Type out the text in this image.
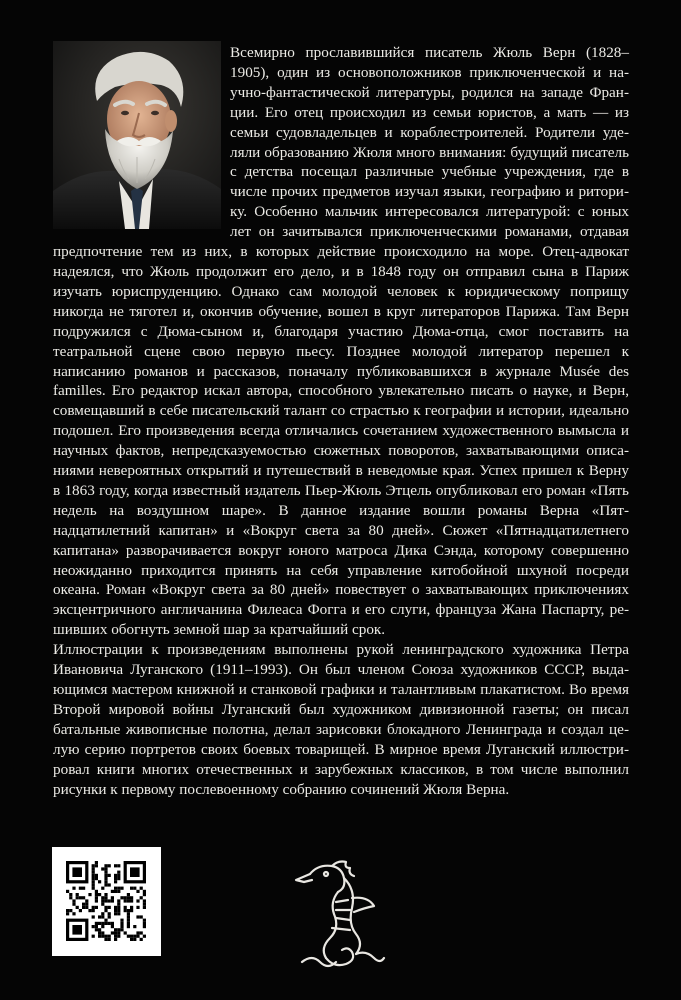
Всемирно прославившийся писатель Жюль Верн (1828–1905), один из основоположников приключенческой и научно-фантастической литературы, родился на западе Франции. Его отец происходил из семьи юристов, а мать — из семьи судовладельцев и кораблестроителей. Родители уделяли образованию Жюля много внимания: будущий писатель с детства посещал различные учебные учреждения, где в числе прочих предметов изучал языки, географию и риторику. Особенно мальчик интересовался литературой: с юных лет он зачитывался приключенческими романами, отдавая предпочтение тем из них, в которых действие происходило на море. Отец-адвокат надеялся, что Жюль продолжит его дело, и в 1848 году он отправил сына в Париж изучать юриспруденцию. Однако сам молодой человек к юридическому поприщу никогда не тяготел и, окончив обучение, вошел в круг литераторов Парижа. Там Верн подружился с Дюма-сыном и, благодаря участию Дюма-отца, смог поставить на театральной сцене свою первую пьесу. Позднее молодой литератор перешел к написанию романов и рассказов, поначалу публиковавшихся в журнале Musée des familles. Его редактор искал автора, способного увлекательно писать о науке, и Верн, совмещавший в себе писательский талант со страстью к географии и истории, идеально подошел. Его произведения всегда отличались сочетанием художественного вымысла и научных фактов, непредсказуемостью сюжетных поворотов, захватывающими описаниями невероятных открытий и путешествий в неведомые края. Успех пришел к Верну в 1863 году, когда известный издатель Пьер-Жюль Этцель опубликовал его роман «Пять недель на воздушном шаре». В данное издание вошли романы Верна «Пятнадцатилетний капитан» и «Вокруг света за 80 дней». Сюжет «Пятнадцатилетнего капитана» разворачивается вокруг юного матроса Дика Сэнда, которому совершенно неожиданно приходится принять на себя управление китобойной шхуной посреди океана. Роман «Вокруг света за 80 дней» повествует о захватывающих приключениях эксцентричного англичанина Филеаса Фогга и его слуги, француза Жана Паспарту, решивших обогнуть земной шар за кратчайший срок.

Иллюстрации к произведениям выполнены рукой ленинградского художника Петра Ивановича Луганского (1911–1993). Он был членом Союза художников СССР, выдающимся мастером книжной и станковой графики и талантливым плакатистом. Во время Второй мировой войны Луганский был художником дивизионной газеты; он писал батальные живописные полотна, делал зарисовки блокадного Ленинграда и создал целую серию портретов своих боевых товарищей. В мирное время Луганский иллюстрировал книги многих отечественных и зарубежных классиков, в том числе выполнил рисунки к первому послевоенному собранию сочинений Жюля Верна.
